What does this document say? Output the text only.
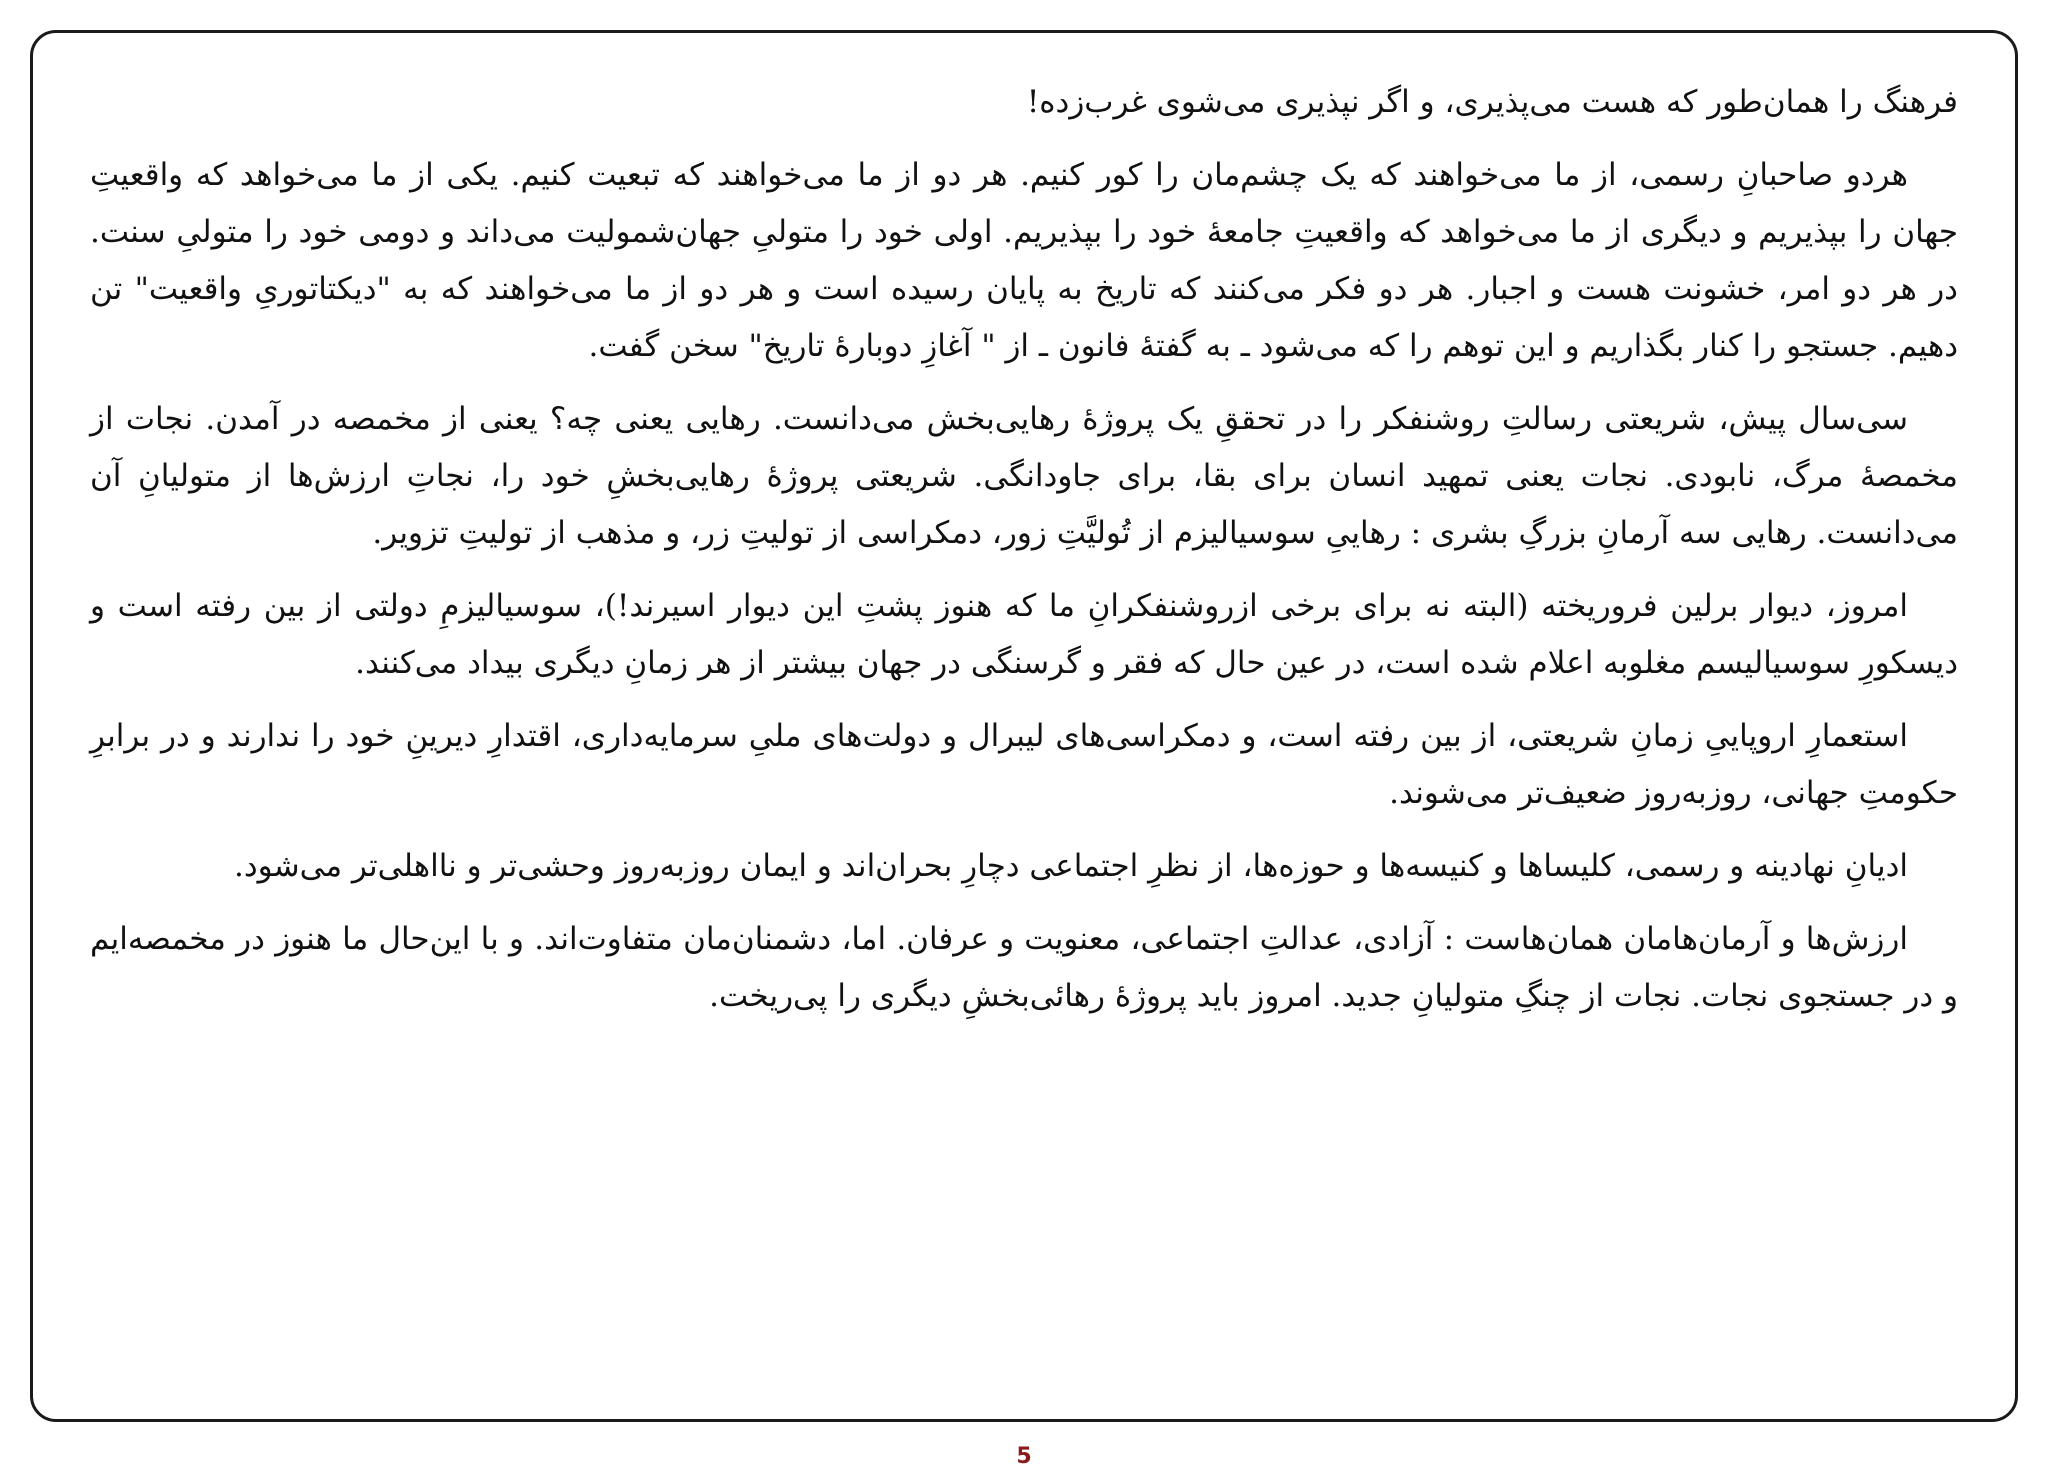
فرهنگ را همان‌طور که هست می‌پذیری، و اگر نپذیری می‌شوی غرب‌زده!

هردو صاحبانِ رسمی، از ما می‌خواهند که یک چشم‌مان را کور کنیم. هر دو از ما می‌خواهند که تبعیت کنیم. یکی از ما می‌خواهد که واقعیتِ جهان را بپذیریم و دیگری از ما می‌خواهد که واقعیتِ جامعهٔ خود را بپذیریم. اولی خود را متولیِ جهان‌شمولیت می‌داند و دومی خود را متولیِ سنت. در هر دو امر، خشونت هست و اجبار. هر دو فکر می‌کنند که تاریخ به پایان رسیده است و هر دو از ما می‌خواهند که به "دیکتاتوریِ واقعیت" تن دهیم. جستجو را کنار بگذاریم و این توهم را که می‌شود ـ به گفتهٔ فانون ـ از " آغازِ دوبارهٔ تاریخ" سخن گفت.

سی‌سال پیش، شریعتی رسالتِ روشنفکر را در تحققِ یک پروژهٔ رهایی‌بخش می‌دانست. رهایی یعنی چه؟ یعنی از مخمصه در آمدن. نجات از مخمصهٔ مرگ، نابودی. نجات یعنی تمهید انسان برای بقا، برای جاودانگی. شریعتی پروژهٔ رهایی‌بخشِ خود را، نجاتِ ارزش‌ها از متولیانِ آن می‌دانست. رهایی سه آرمانِ بزرگِ بشری : رهاییِ سوسیالیزم از تُولیَّتِ زور، دمکراسی از تولیتِ زر، و مذهب از تولیتِ تزویر.

امروز، دیوار برلین فروریخته (البته نه برای برخی ازروشنفکرانِ ما که هنوز پشتِ این دیوار اسیرند!)، سوسیالیزمِ دولتی از بین رفته است و دیسکورِ سوسیالیسم مغلوبه اعلام شده است، در عین حال که فقر و گرسنگی در جهان بیشتر از هر زمانِ دیگری بیداد می‌کنند.

استعمارِ اروپاییِ زمانِ شریعتی، از بین رفته است، و دمکراسی‌های لیبرال و دولت‌های ملیِ سرمایه‌داری، اقتدارِ دیرینِ خود را ندارند و در برابرِ حکومتِ جهانی، روزبه‌روز ضعیف‌تر می‌شوند.

ادیانِ نهادینه و رسمی، کلیساها و کنیسه‌ها و حوزه‌ها، از نظرِ اجتماعی دچارِ بحران‌اند و ایمان روزبه‌روز وحشی‌تر و نااهلی‌تر می‌شود.

ارزش‌ها و آرمان‌هامان همان‌هاست : آزادی، عدالتِ اجتماعی، معنویت و عرفان. اما، دشمنان‌مان متفاوت‌اند. و با این‌حال ما هنوز در مخمصه‌ایم و در جستجوی نجات. نجات از چنگِ متولیانِ جدید. امروز باید پروژهٔ رهائی‌بخشِ دیگری را پی‌ریخت.

5
